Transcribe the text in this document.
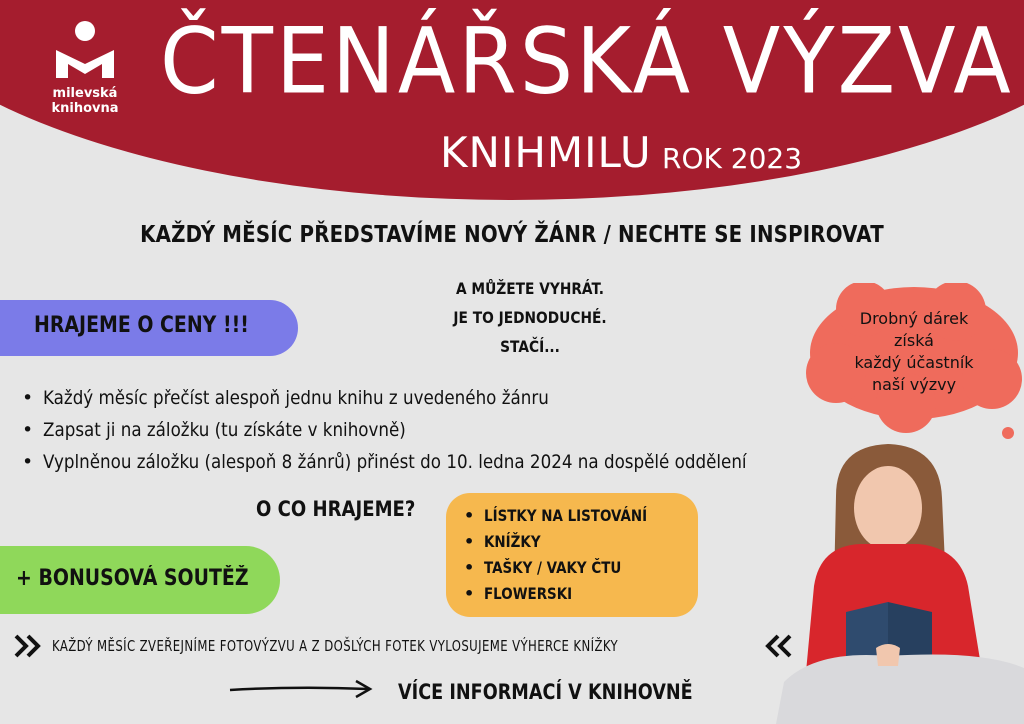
milevská
knihovna ČTENÁŘSKÁ VÝZVA
KNIHMILU ROK 2023
KAŽDÝ MĚSÍC PŘEDSTAVÍME NOVÝ ŽÁNR / NECHTE SE INSPIROVAT
A MŮŽETE VYHRÁT.
JE TO JEDNODUCHÉ.
STAČÍ...
HRAJEME O CENY !!!
• Každý měsíc přečíst alespoň jednu knihu z uvedeného žánru
• Zapsat ji na záložku (tu získáte v knihovně)
• Vyplněnou záložku (alespoň 8 žánrů) přinést do 10. ledna 2024 na dospělé oddělení
Drobný dárek
získá
každý účastník
naší výzvy
O CO HRAJEME?
•	LÍSTKY NA LISTOVÁNÍ
• KNÍŽKY
• TAŠKY / VAKY ČTU
• FLOWERSKI
+ BONUSOVÁ SOUTĚŽ
KAŽDÝ MĚSÍC ZVEŘEJNÍME FOTOVÝZVU A Z DOŠLÝCH FOTEK VYLOSUJEME VÝHERCE KNÍŽKY
VÍCE INFORMACÍ V KNIHOVNĚ
